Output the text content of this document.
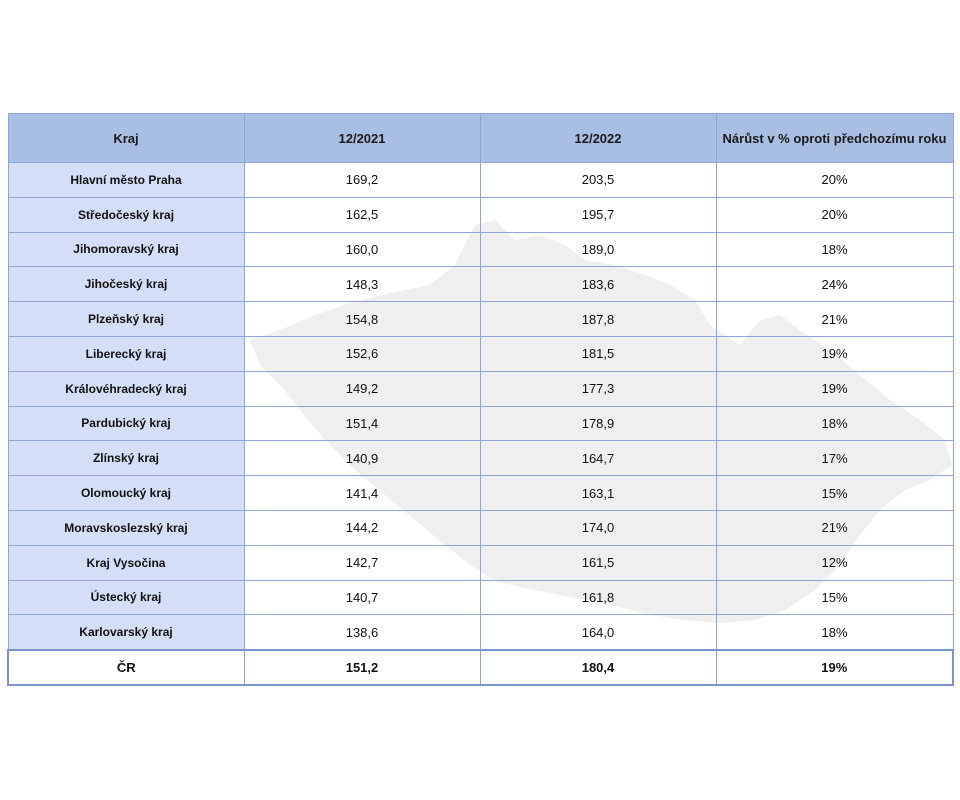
Kraj	12/2021	12/2022	Nárůst v % oproti předchozímu roku
Hlavní město Praha	169,2	203,5	20%
Středočeský kraj	162,5	195,7	20%
Jihomoravský kraj	160,0	189,0	18%
Jihočeský kraj	148,3	183,6	24%
Plzeňský kraj	154,8	187,8	21%
Liberecký kraj	152,6	181,5	19%
Královéhradecký kraj	149,2	177,3	19%
Pardubický kraj	151,4	178,9	18%
Zlínský kraj	140,9	164,7	17%
Olomoucký kraj	141,4	163,1	15%
Moravskoslezský kraj	144,2	174,0	21%
Kraj Vysočina	142,7	161,5	12%
Ústecký kraj	140,7	161,8	15%
Karlovarský kraj	138,6	164,0	18%
ČR	151,2	180,4	19%
